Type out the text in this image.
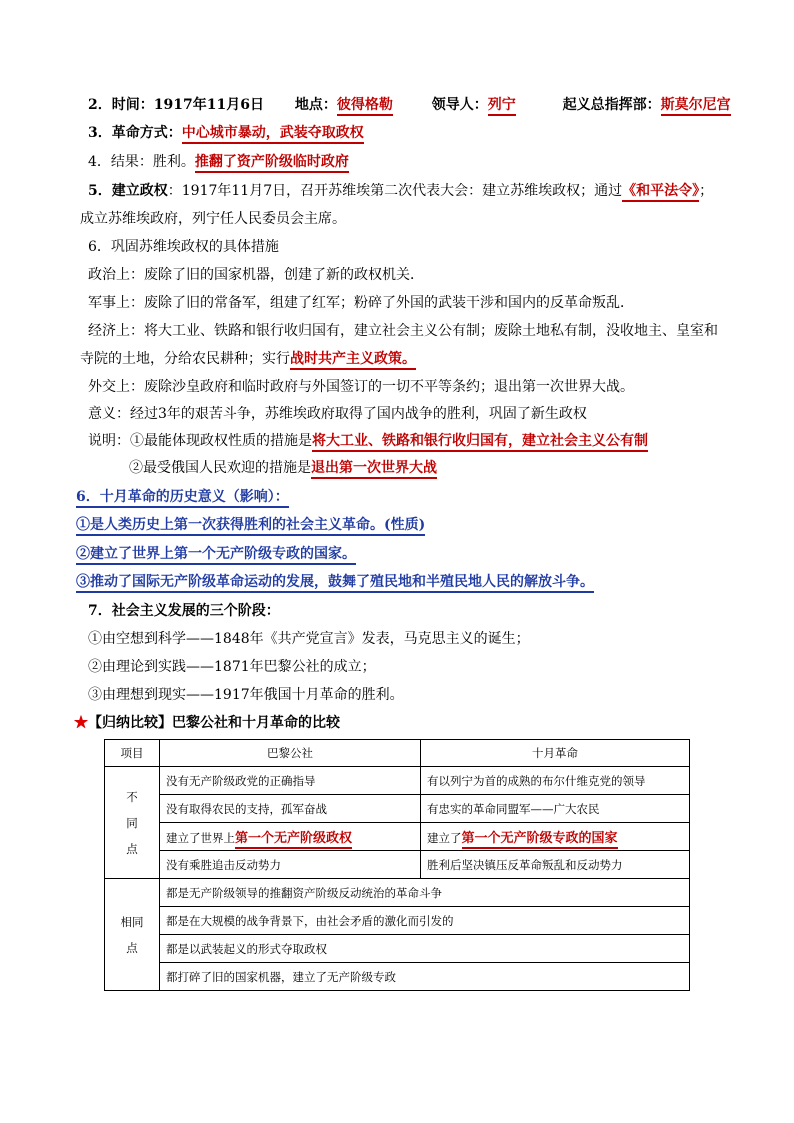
2．时间：1917年11月6日 地点：彼得格勒	领导人：列宁	起义总指挥部：斯莫尔尼宫
3．革命方式：中心城市暴动，武装夺取政权
4．结果：胜利。推翻了资产阶级临时政府
5．建立政权：1917年11月7日，召开苏维埃第二次代表大会：建立苏维埃政权；通过《和平法令》；
成立苏维埃政府，列宁任人民委员会主席。
6．巩固苏维埃政权的具体措施
政治上：废除了旧的国家机器，创建了新的政权机关．
军事上：废除了旧的常备军，组建了红军；粉碎了外国的武装干涉和国内的反革命叛乱．
经济上：将大工业、铁路和银行收归国有，建立社会主义公有制；废除土地私有制，没收地主、皇室和
寺院的土地，分给农民耕种；实行战时共产主义政策。
外交上：废除沙皇政府和临时政府与外国签订的一切不平等条约；退出第一次世界大战。
意义：经过3年的艰苦斗争，苏维埃政府取得了国内战争的胜利，巩固了新生政权
说明：①最能体现政权性质的措施是将大工业、铁路和银行收归国有，建立社会主义公有制
②最受俄国人民欢迎的措施是退出第一次世界大战
6．十月革命的历史意义（影响）：
①是人类历史上第一次获得胜利的社会主义革命。(性质)
②建立了世界上第一个无产阶级专政的国家。
③推动了国际无产阶级革命运动的发展，鼓舞了殖民地和半殖民地人民的解放斗争。
7．社会主义发展的三个阶段：
①由空想到科学——1848年《共产党宣言》发表，马克思主义的诞生；
②由理论到实践——1871年巴黎公社的成立；
③由理想到现实——1917年俄国十月革命的胜利。
★【归纳比较】巴黎公社和十月革命的比较
项目	巴黎公社	十月革命

不同点	没有无产阶级政党的正确指导	有以列宁为首的成熟的布尔什维克党的领导
	没有取得农民的支持，孤军奋战	有忠实的革命同盟军——广大农民
	建立了世界上第一个无产阶级政权	建立了第一个无产阶级专政的国家
	没有乘胜追击反动势力	胜利后坚决镇压反革命叛乱和反动势力

相同点	都是无产阶级领导的推翻资产阶级反动统治的革命斗争	
	都是在大规模的战争背景下，由社会矛盾的激化而引发的	
	都是以武装起义的形式夺取政权	
	都打碎了旧的国家机器，建立了无产阶级专政	
